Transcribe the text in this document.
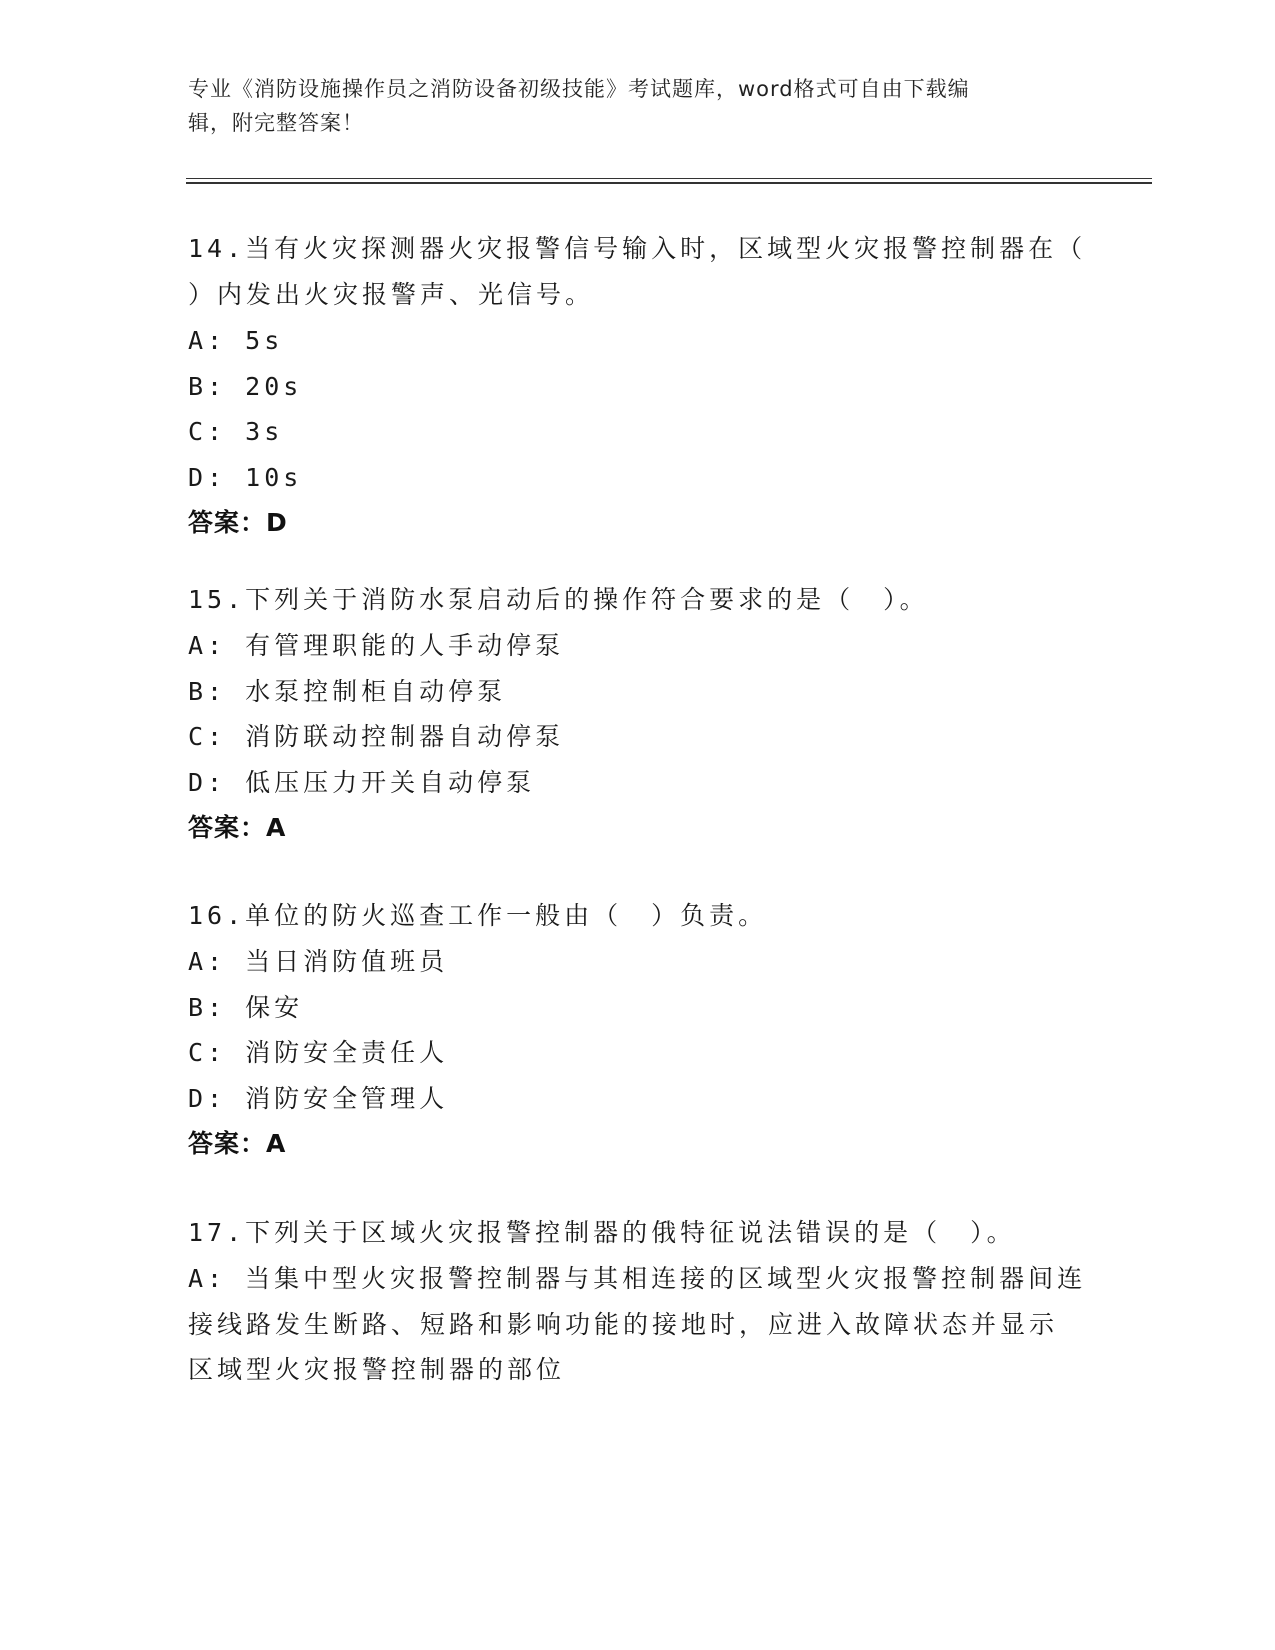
专业《消防设施操作员之消防设备初级技能》考试题库，word格式可自由下载编
辑，附完整答案！

14.当有火灾探测器火灾报警信号输入时，区域型火灾报警控制器在（

）内发出火灾报警声、光信号。

A: 5s

B: 20s

C: 3s

D: 10s

答案：D

15.下列关于消防水泵启动后的操作符合要求的是（　）。

A: 有管理职能的人手动停泵

B: 水泵控制柜自动停泵

C: 消防联动控制器自动停泵

D: 低压压力开关自动停泵

答案：A

16.单位的防火巡查工作一般由（　）负责。

A: 当日消防值班员

B: 保安

C: 消防安全责任人

D: 消防安全管理人

答案：A

17.下列关于区域火灾报警控制器的俄特征说法错误的是（　）。

A: 当集中型火灾报警控制器与其相连接的区域型火灾报警控制器间连

接线路发生断路、短路和影响功能的接地时，应进入故障状态并显示

区域型火灾报警控制器的部位
